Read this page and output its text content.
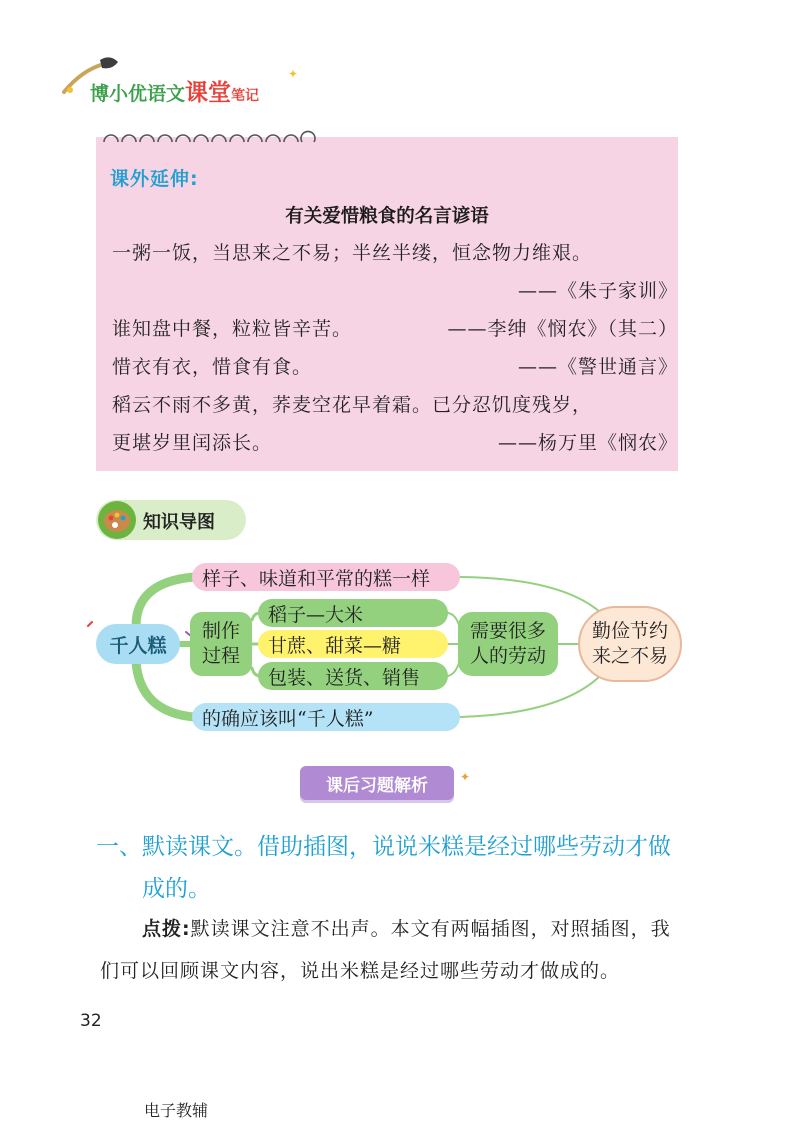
✦
博小优语文课堂笔记
课外延伸:
有关爱惜粮食的名言谚语
一粥一饭，当思来之不易；半丝半缕，恒念物力维艰。
——《朱子家训》
谁知盘中餐，粒粒皆辛苦。	——李绅《悯农》（其二）
惜衣有衣，惜食有食。	——《警世通言》
稻云不雨不多黄，荞麦空花早着霜。已分忍饥度残岁，
更堪岁里闰添长。	——杨万里《悯农》
知识导图
千人糕
样子、味道和平常的糕一样
制作
过程
稻子—大米
甘蔗、甜菜—糖
包装、送货、销售
需要很多
人的劳动
勤俭节约
来之不易
的确应该叫“千人糕”
课后习题解析	✦
一、默读课文。借助插图，说说米糕是经过哪些劳动才做
成的。
点拨:默读课文注意不出声。本文有两幅插图，对照插图，我
们可以回顾课文内容，说出米糕是经过哪些劳动才做成的。
32
电子教辅
